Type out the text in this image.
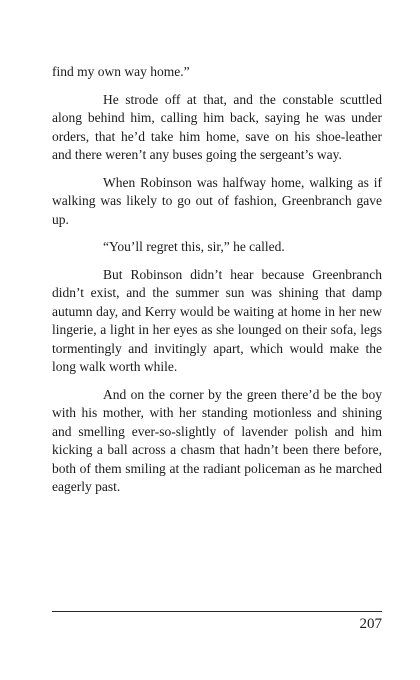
find my own way home.”

He strode off at that, and the constable scuttled along behind him, calling him back, saying he was under orders, that he’d take him home, save on his shoe-leather and there weren’t any buses going the sergeant’s way.

When Robinson was halfway home, walking as if walking was likely to go out of fashion, Greenbranch gave up.

“You’ll regret this, sir,” he called.

But Robinson didn’t hear because Greenbranch didn’t exist, and the summer sun was shining that damp autumn day, and Kerry would be waiting at home in her new lingerie, a light in her eyes as she lounged on their sofa, legs tormentingly and invitingly apart, which would make the long walk worth while.

And on the corner by the green there’d be the boy with his mother, with her standing motionless and shining and smelling ever-so-slightly of lavender polish and him kicking a ball across a chasm that hadn’t been there before, both of them smiling at the radiant policeman as he marched eagerly past.

207
